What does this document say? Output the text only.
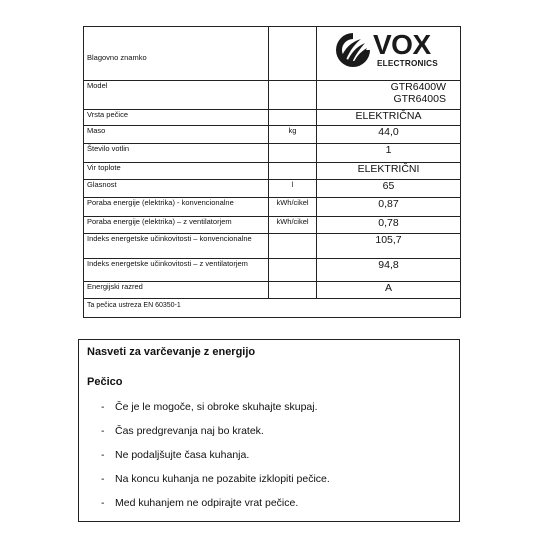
Blagovno znamko		VOX
ELECTRONICS

Model		GTR6400W
GTR6400S

Vrsta pečice		ELEKTRIČNA
Maso	kg	44,0
Število votlin		1
Vir toplote		ELEKTRIČNI
Glasnost	l	65
Poraba energije (elektrika) - konvencionalne	kWh/cikel	0,87
Poraba energije (elektrika) – z ventilatorjem	kWh/cikel	0,78
Indeks energetske učinkovitosti – konvencionalne		105,7
Indeks energetske učinkovitosti – z ventilatorjem		94,8
Energijski razred		A
Ta pečica ustreza EN 60350-1		
Nasveti za varčevanje z energijo
Pečico
- Če je le mogoče, si obroke skuhajte skupaj.
- Čas predgrevanja naj bo kratek.
- Ne podaljšujte časa kuhanja.
- Na koncu kuhanja ne pozabite izklopiti pečice.
- Med kuhanjem ne odpirajte vrat pečice.
